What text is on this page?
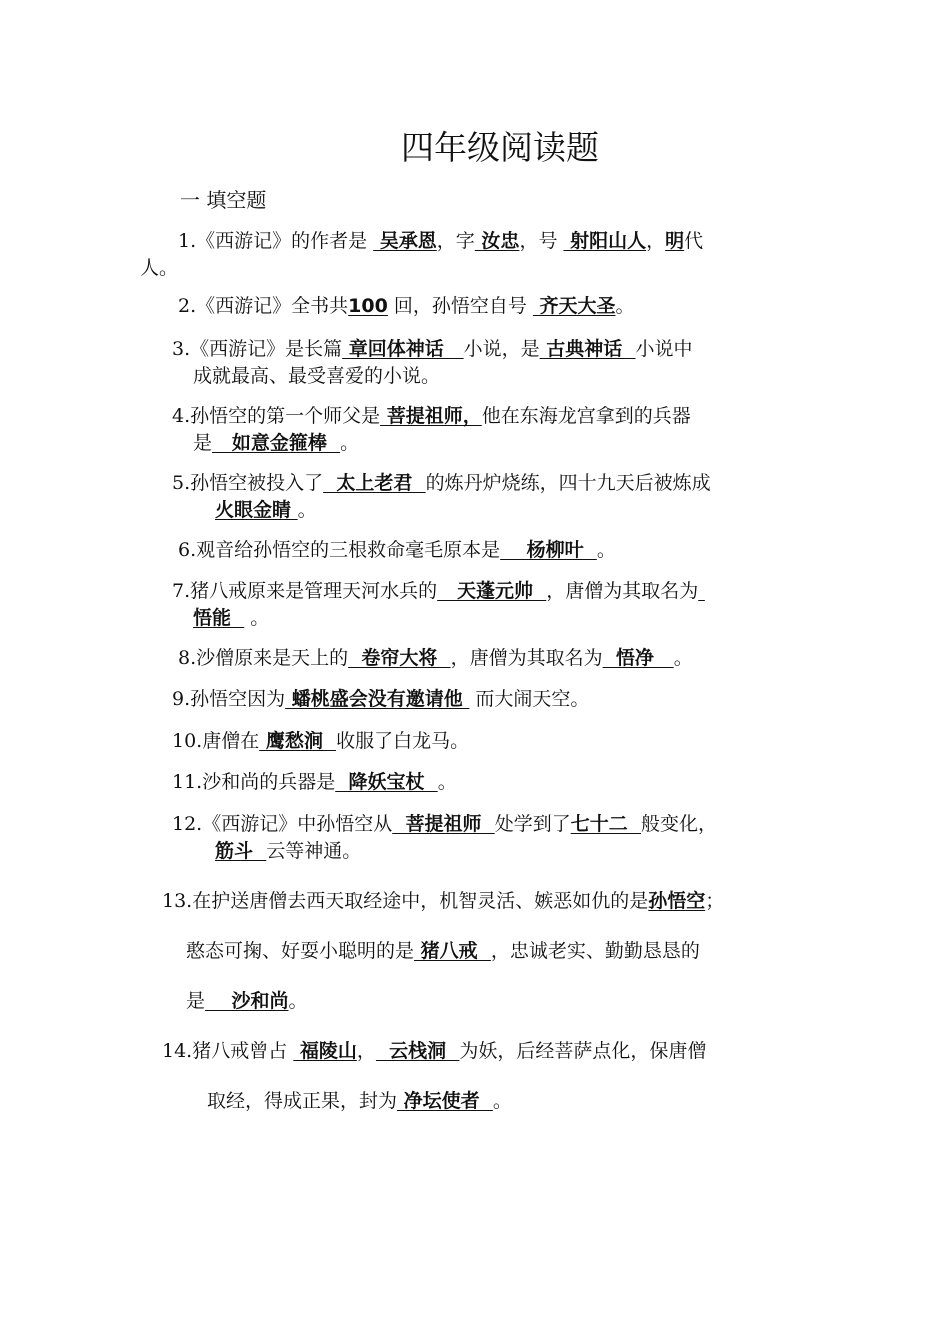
四年级阅读题
一 填空题
1.《西游记》的作者是  吴承恩，字 汝忠，号  射阳山人，明代
人。
2.《西游记》全书共100 回，孙悟空自号  齐天大圣。
3.《西游记》是长篇 章回体神话   小说，是 古典神话  小说中
成就最高、最受喜爱的小说。
4.孙悟空的第一个师父是 菩提祖师，他在东海龙宫拿到的兵器
是   如意金箍棒  。
5.孙悟空被投入了  太上老君  的炼丹炉烧练，四十九天后被炼成
火眼金睛 。
6.观音给孙悟空的三根救命毫毛原本是    杨柳叶  。
7.猪八戒原来是管理天河水兵的   天蓬元帅  ，唐僧为其取名为
悟能   。
8.沙僧原来是天上的  卷帘大将  ，唐僧为其取名为  悟净   。
9.孙悟空因为 蟠桃盛会没有邀请他  而大闹天空。
10.唐僧在 鹰愁涧  收服了白龙马。
11.沙和尚的兵器是  降妖宝杖  。
12.《西游记》中孙悟空从  菩提祖师  处学到了七十二  般变化，
筋斗  云等神通。
13.在护送唐僧去西天取经途中，机智灵活、嫉恶如仇的是孙悟空；
憨态可掬、好耍小聪明的是 猪八戒  ，忠诚老实、勤勤恳恳的
是    沙和尚。
14.猪八戒曾占  福陵山，  云栈洞  为妖，后经菩萨点化，保唐僧
取经，得成正果，封为 净坛使者  。
